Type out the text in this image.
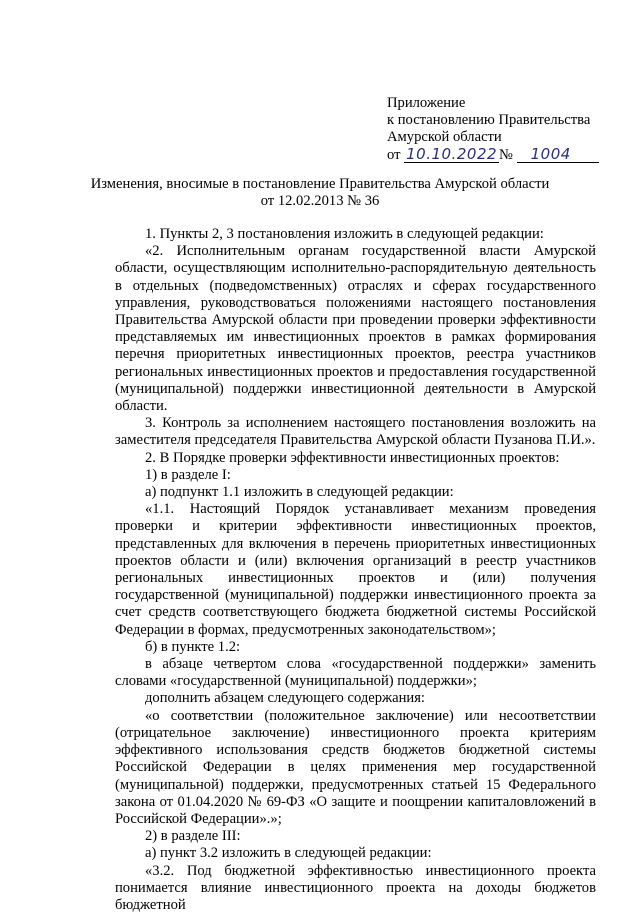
Приложение
к постановлению Правительства
Амурской области
от 10.10.2022 № 1004
Изменения, вносимые в постановление Правительства Амурской области
от 12.02.2013 № 36

1. Пункты 2, 3 постановления изложить в следующей редакции:

«2. Исполнительным органам государственной власти Амурской области, осуществляющим исполнительно-распорядительную деятельность в отдельных (подведомственных) отраслях и сферах государственного управления, руководствоваться положениями настоящего постановления Правительства Амурской области при проведении проверки эффективности представляемых им инвестиционных проектов в рамках формирования перечня приоритетных инвестиционных проектов, реестра участников региональных инвестиционных проектов и предоставления государственной (муниципальной) поддержки инвестиционной деятельности в Амурской области.

3. Контроль за исполнением настоящего постановления возложить на заместителя председателя Правительства Амурской области Пузанова П.И.».

2. В Порядке проверки эффективности инвестиционных проектов:

1) в разделе I:

а) подпункт 1.1 изложить в следующей редакции:

«1.1. Настоящий Порядок устанавливает механизм проведения проверки и критерии эффективности инвестиционных проектов, представленных для включения в перечень приоритетных инвестиционных проектов области и (или) включения организаций в реестр участников региональных инвестиционных проектов и (или) получения государственной (муниципальной) поддержки инвестиционного проекта за счет средств соответствующего бюджета бюджетной системы Российской Федерации в формах, предусмотренных законодательством»;

б) в пункте 1.2:

в абзаце четвертом слова «государственной поддержки» заменить словами «государственной (муниципальной) поддержки»;

дополнить абзацем следующего содержания:

«о соответствии (положительное заключение) или несоответствии (отрицательное заключение) инвестиционного проекта критериям эффективного использования средств бюджетов бюджетной системы Российской Федерации в целях применения мер государственной (муниципальной) поддержки, предусмотренных статьей 15 Федерального закона от 01.04.2020 № 69-ФЗ «О защите и поощрении капиталовложений в Российской Федерации».»;

2) в разделе III:

а) пункт 3.2 изложить в следующей редакции:

«3.2. Под бюджетной эффективностью инвестиционного проекта понимается влияние инвестиционного проекта на доходы бюджетов бюджетной
